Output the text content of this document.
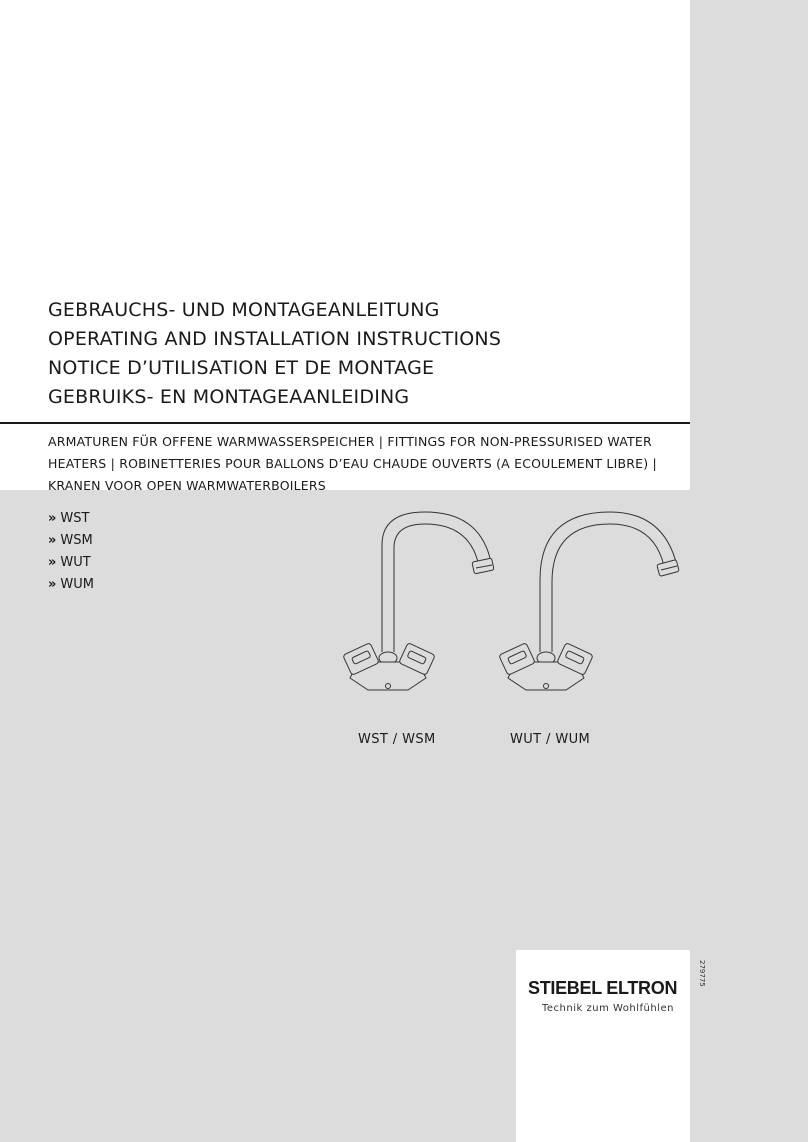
GEBRAUCHS- UND MONTAGEANLEITUNG
OPERATING AND INSTALLATION INSTRUCTIONS
NOTICE D’UTILISATION ET DE MONTAGE
GEBRUIKS- EN MONTAGEAANLEIDING
ARMATUREN FÜR OFFENE WARMWASSERSPEICHER | FITTINGS FOR NON-PRESSURISED WATER
HEATERS | ROBINETTERIES POUR BALLONS D’EAU CHAUDE OUVERTS (A ECOULEMENT LIBRE) |
KRANEN VOOR OPEN WARMWATERBOILERS
» WST
» WSM
» WUT
» WUM
WST / WSM	WUT / WUM
279775
STIEBEL ELTRON
Technik zum Wohlfühlen
